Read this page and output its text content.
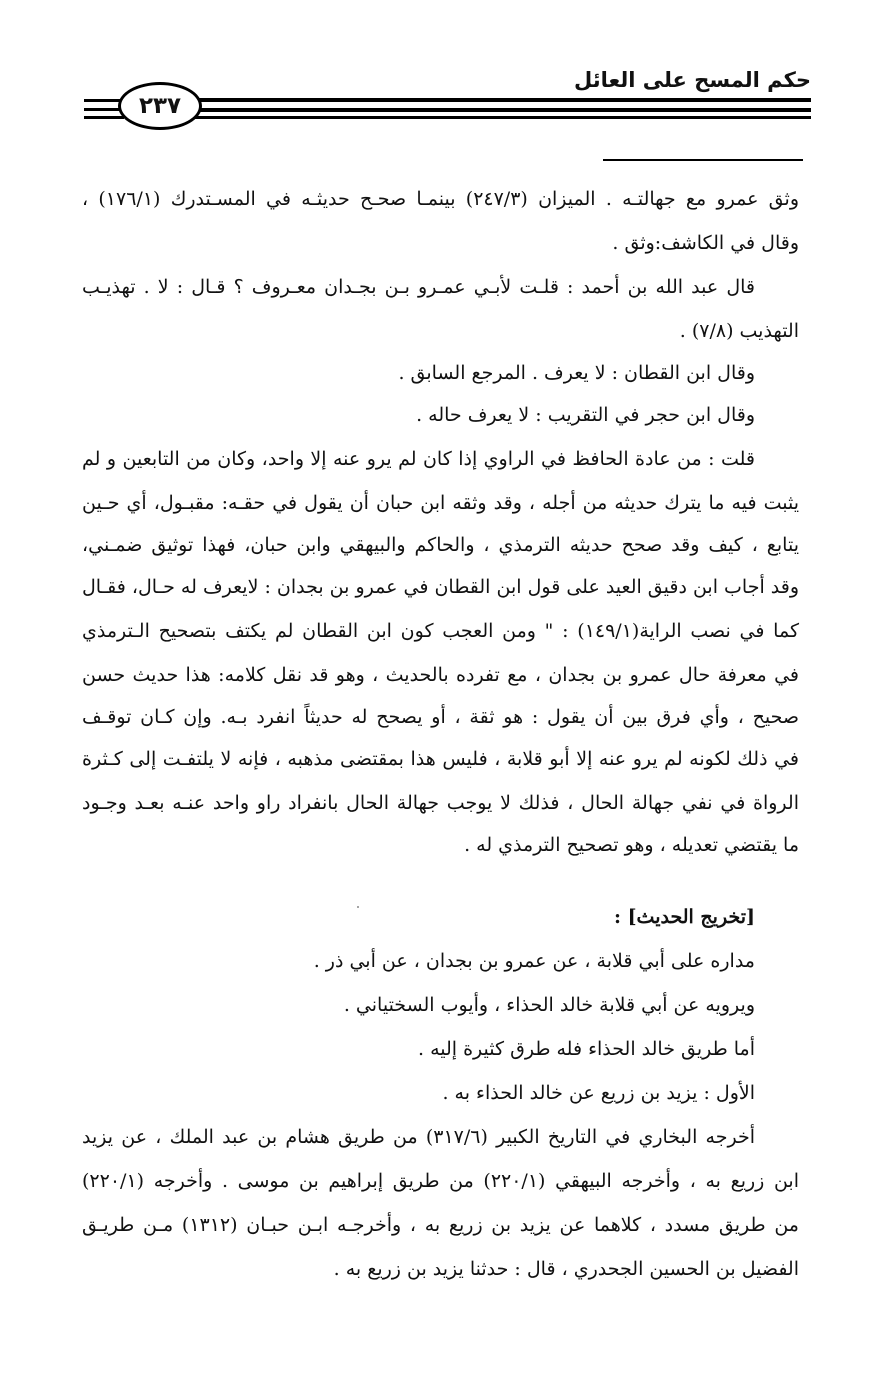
حكم المسح على العائل
٢٣٧
وثق عمرو مع جهالتـه . الميزان (٢٤٧/٣) بينمـا صحـح حديثـه في المسـتدرك (١٧٦/١) ،
وقال في الكاشف:وثق .
قال عبد الله بن أحمد : قلـت لأبـي عمـرو بـن بجـدان معـروف ؟ قـال : لا . تهذيـب
التهذيب (٧/٨) .
وقال ابن القطان : لا يعرف . المرجع السابق .
وقال ابن حجر في التقريب : لا يعرف حاله .
قلت : من عادة الحافظ في الراوي إذا كان لم يرو عنه إلا واحد، وكان من التابعين و لم
يثبت فيه ما يترك حديثه من أجله ، وقد وثقه ابن حبان أن يقول في حقـه: مقبـول، أي حـين
يتابع ، كيف وقد صحح حديثه الترمذي ، والحاكم والبيهقي وابن حبان، فهذا توثيق ضمـني،
وقد أجاب ابن دقيق العيد على قول ابن القطان في عمرو بن بجدان : لايعرف له حـال، فقـال
كما في نصب الراية(١٤٩/١) : " ومن العجب كون ابن القطان لم يكتف بتصحيح الـترمذي
في معرفة حال عمرو بن بجدان ، مع تفرده بالحديث ، وهو قد نقل كلامه: هذا حديث حسن
صحيح ، وأي فرق بين أن يقول : هو ثقة ، أو يصحح له حديثاً انفرد بـه. وإن كـان توقـف
في ذلك لكونه لم يرو عنه إلا أبو قلابة ، فليس هذا بمقتضى مذهبه ، فإنه لا يلتفـت إلى كـثرة
الرواة في نفي جهالة الحال ، فذلك لا يوجب جهالة الحال بانفراد راو واحد عنـه بعـد وجـود
ما يقتضي تعديله ، وهو تصحيح الترمذي له .
[تخريج الحديث] :
مداره على أبي قلابة ، عن عمرو بن بجدان ، عن أبي ذر .
ويرويه عن أبي قلابة خالد الحذاء ، وأيوب السختياني .
أما طريق خالد الحذاء فله طرق كثيرة إليه .
الأول : يزيد بن زريع عن خالد الحذاء به .
أخرجه البخاري في التاريخ الكبير (٣١٧/٦) من طريق هشام بن عبد الملك ، عن يزيد
ابن زريع به ، وأخرجه البيهقي (٢٢٠/١) من طريق إبراهيم بن موسى . وأخرجه (٢٢٠/١)
من طريق مسدد ، كلاهما عن يزيد بن زريع به ، وأخرجـه ابـن حبـان (١٣١٢) مـن طريـق
الفضيل بن الحسين الجحدري ، قال : حدثنا يزيد بن زريع به .
